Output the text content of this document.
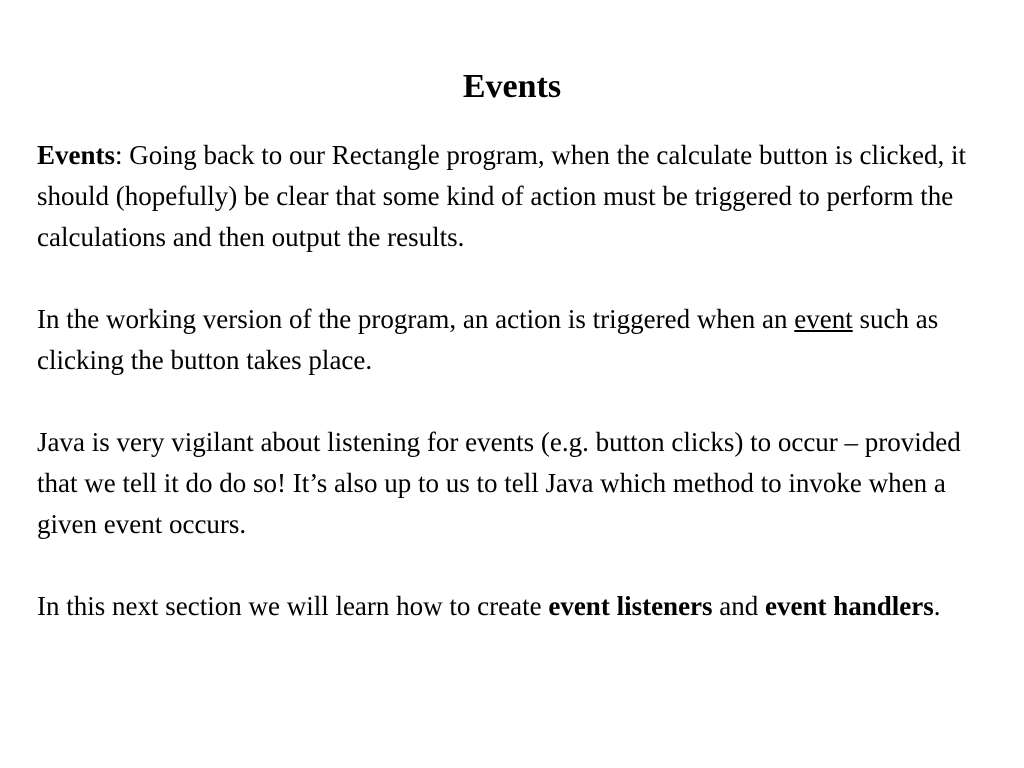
Events

Events: Going back to our Rectangle program, when the calculate button is clicked, it should (hopefully) be clear that some kind of action must be triggered to perform the calculations and then output the results.

In the working version of the program, an action is triggered when an event such as clicking the button takes place.

Java is very vigilant about listening for events (e.g. button clicks) to occur – provided that we tell it do do so! It’s also up to us to tell Java which method to invoke when a given event occurs.

In this next section we will learn how to create event listeners and event handlers.
